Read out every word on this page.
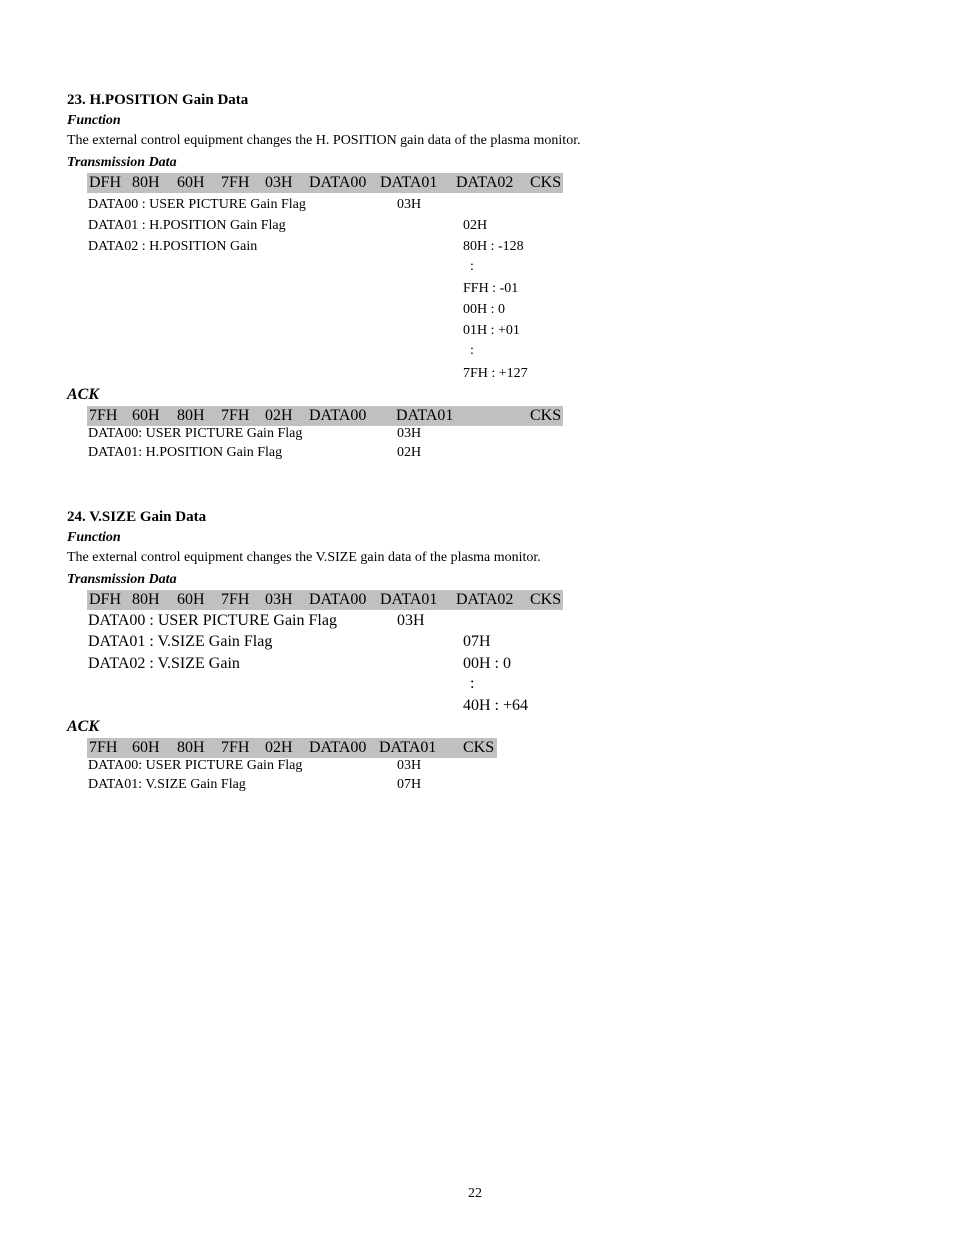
23. H.POSITION Gain Data
Function
The external control equipment changes the H. POSITION gain data of the plasma monitor.
Transmission Data
DFH 80H 60H 7FH 03H DATA00 DATA01 DATA02 CKS
DATA00 : USER PICTURE Gain Flag	03H
DATA01 : H.POSITION Gain Flag	02H
DATA02 : H.POSITION Gain	80H : -128
:
FFH : -01
00H : 0
01H : +01
:
7FH : +127
ACK
7FH 60H 80H 7FH 02H DATA00 DATA01	CKS
DATA00: USER PICTURE Gain Flag	03H
DATA01: H.POSITION Gain Flag	02H
24. V.SIZE Gain Data
Function
The external control equipment changes the V.SIZE gain data of the plasma monitor.
Transmission Data
DFH 80H 60H 7FH 03H DATA00 DATA01 DATA02 CKS
DATA00 : USER PICTURE Gain Flag	03H
DATA01 : V.SIZE Gain Flag	07H
DATA02 : V.SIZE Gain	00H : 0
:
40H : +64
ACK
7FH 60H 80H 7FH 02H DATA00 DATA01 CKS
DATA00: USER PICTURE Gain Flag	03H
DATA01: V.SIZE Gain Flag	07H
22
